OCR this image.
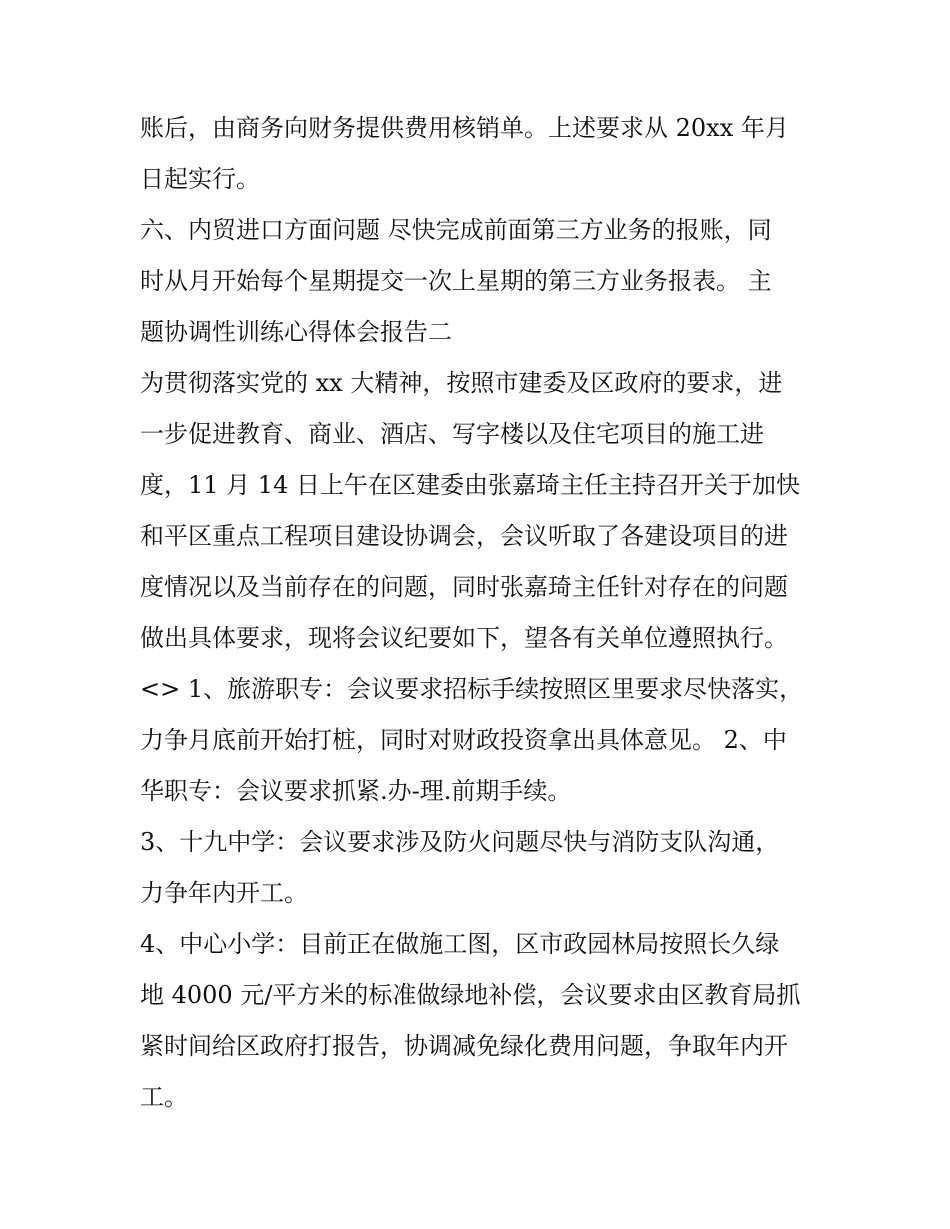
账后，由商务向财务提供费用核销单。上述要求从 20xx 年月
日起实行。
六、内贸进口方面问题 尽快完成前面第三方业务的报账，同
时从月开始每个星期提交一次上星期的第三方业务报表。 主
题协调性训练心得体会报告二
为贯彻落实党的 xx 大精神，按照市建委及区政府的要求，进
一步促进教育、商业、酒店、写字楼以及住宅项目的施工进
度，11 月 14 日上午在区建委由张嘉琦主任主持召开关于加快
和平区重点工程项目建设协调会，会议听取了各建设项目的进
度情况以及当前存在的问题，同时张嘉琦主任针对存在的问题
做出具体要求，现将会议纪要如下，望各有关单位遵照执行。
<> 1、旅游职专：会议要求招标手续按照区里要求尽快落实，
力争月底前开始打桩，同时对财政投资拿出具体意见。 2、中
华职专：会议要求抓紧.办-理.前期手续。
3、十九中学：会议要求涉及防火问题尽快与消防支队沟通，
力争年内开工。
4、中心小学：目前正在做施工图，区市政园林局按照长久绿
地 4000 元/平方米的标准做绿地补偿，会议要求由区教育局抓
紧时间给区政府打报告，协调减免绿化费用问题，争取年内开
工。
